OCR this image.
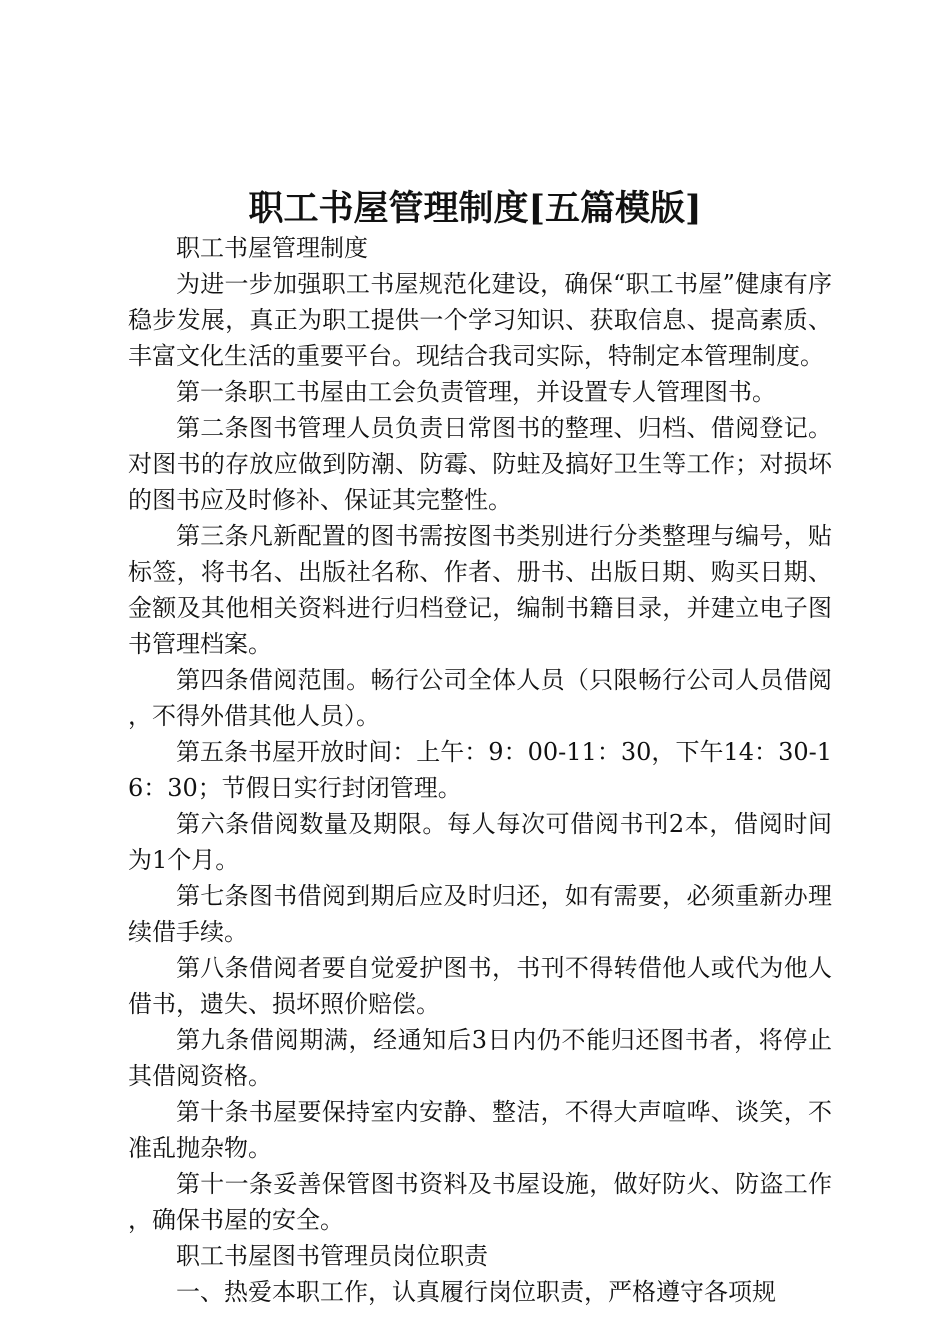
职工书屋管理制度[五篇模版]

职工书屋管理制度

为进一步加强职工书屋规范化建设，确保“职工书屋”健康有序稳步发展，真正为职工提供一个学习知识、获取信息、提高素质、丰富文化生活的重要平台。现结合我司实际，特制定本管理制度。

第一条职工书屋由工会负责管理，并设置专人管理图书。

第二条图书管理人员负责日常图书的整理、归档、借阅登记。对图书的存放应做到防潮、防霉、防蛀及搞好卫生等工作；对损坏的图书应及时修补、保证其完整性。

第三条凡新配置的图书需按图书类别进行分类整理与编号，贴标签，将书名、出版社名称、作者、册书、出版日期、购买日期、金额及其他相关资料进行归档登记，编制书籍目录，并建立电子图书管理档案。

第四条借阅范围。畅行公司全体人员（只限畅行公司人员借阅，不得外借其他人员）。

第五条书屋开放时间：上午：9：00-11：30，下午14：30-16：30；节假日实行封闭管理。

第六条借阅数量及期限。每人每次可借阅书刊2本，借阅时间为1个月。

第七条图书借阅到期后应及时归还，如有需要，必须重新办理续借手续。

第八条借阅者要自觉爱护图书，书刊不得转借他人或代为他人借书，遗失、损坏照价赔偿。

第九条借阅期满，经通知后3日内仍不能归还图书者，将停止其借阅资格。

第十条书屋要保持室内安静、整洁，不得大声喧哗、谈笑，不准乱抛杂物。

第十一条妥善保管图书资料及书屋设施，做好防火、防盗工作，确保书屋的安全。

职工书屋图书管理员岗位职责

一、热爱本职工作，认真履行岗位职责，严格遵守各项规
